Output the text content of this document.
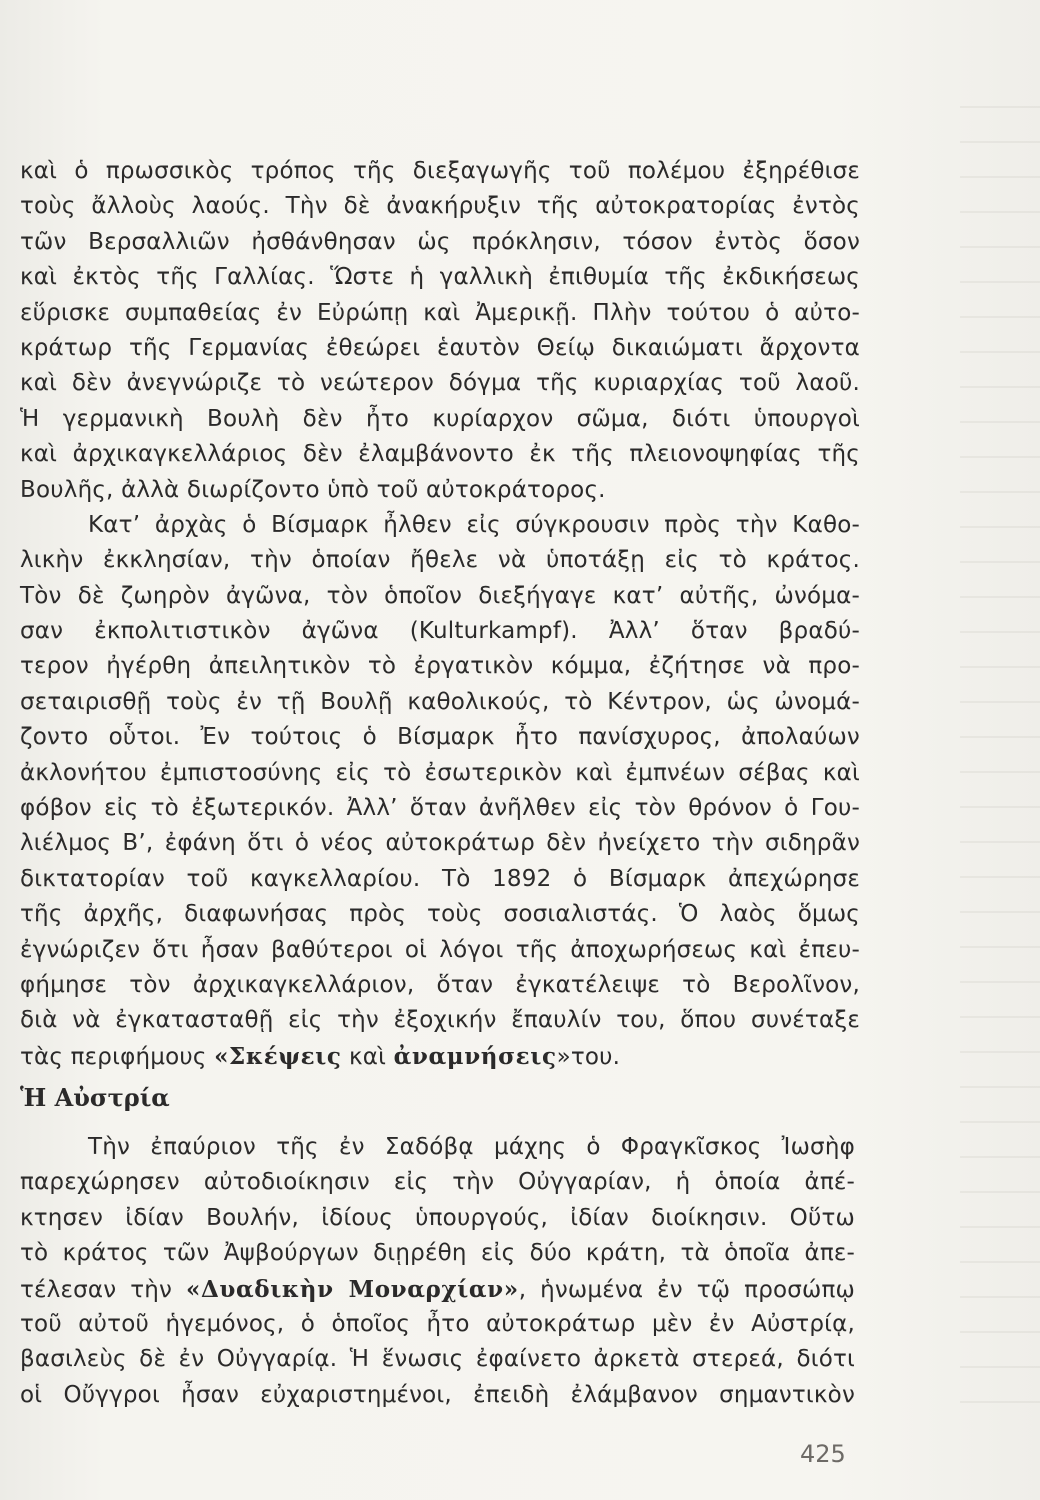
καὶ ὁ πρωσσικὸς τρόπος τῆς διεξαγωγῆς τοῦ πολέμου ἐξηρέθισε
τοὺς ἄλλοὺς λαούς. Τὴν δὲ ἀνακήρυξιν τῆς αὐτοκρατορίας ἐντὸς
τῶν Βερσαλλιῶν ἠσθάνθησαν ὡς πρόκλησιν, τόσον ἐντὸς ὅσον
καὶ ἐκτὸς τῆς Γαλλίας. Ὥστε ἡ γαλλικὴ ἐπιθυμία τῆς ἐκδικήσεως
εὕρισκε συμπαθείας ἐν Εὐρώπῃ καὶ Ἀμερικῇ. Πλὴν τούτου ὁ αὐτο-
κράτωρ τῆς Γερμανίας ἐθεώρει ἑαυτὸν Θείῳ δικαιώματι ἄρχοντα
καὶ δὲν ἀνεγνώριζε τὸ νεώτερον δόγμα τῆς κυριαρχίας τοῦ λαοῦ.
Ἡ γερμανικὴ Βουλὴ δὲν ἦτο κυρίαρχον σῶμα, διότι ὑπουργοὶ
καὶ ἀρχικαγκελλάριος δὲν ἐλαμβάνοντο ἐκ τῆς πλειονοψηφίας τῆς
Βουλῆς, ἀλλὰ διωρίζοντο ὑπὸ τοῦ αὐτοκράτορος.
Κατ’ ἀρχὰς ὁ Βίσμαρκ ἦλθεν εἰς σύγκρουσιν πρὸς τὴν Καθο-
λικὴν ἐκκλησίαν, τὴν ὁποίαν ἤθελε νὰ ὑποτάξῃ εἰς τὸ κράτος.
Τὸν δὲ ζωηρὸν ἀγῶνα, τὸν ὁποῖον διεξήγαγε κατ’ αὐτῆς, ὠνόμα-
σαν ἐκπολιτιστικὸν ἀγῶνα (Kulturkampf). Ἀλλ’ ὅταν βραδύ-
τερον ἠγέρθη ἀπειλητικὸν τὸ ἐργατικὸν κόμμα, ἐζήτησε νὰ προ-
σεταιρισθῇ τοὺς ἐν τῇ Βουλῇ καθολικούς, τὸ Κέντρον, ὡς ὠνομά-
ζοντο οὗτοι. Ἐν τούτοις ὁ Βίσμαρκ ἦτο πανίσχυρος, ἀπολαύων
ἀκλονήτου ἐμπιστοσύνης εἰς τὸ ἐσωτερικὸν καὶ ἐμπνέων σέβας καὶ
φόβον εἰς τὸ ἐξωτερικόν. Ἀλλ’ ὅταν ἀνῆλθεν εἰς τὸν θρόνον ὁ Γου-
λιέλμος Β’, ἐφάνη ὅτι ὁ νέος αὐτοκράτωρ δὲν ἠνείχετο τὴν σιδηρᾶν
δικτατορίαν τοῦ καγκελλαρίου. Τὸ 1892 ὁ Βίσμαρκ ἀπεχώρησε
τῆς ἀρχῆς, διαφωνήσας πρὸς τοὺς σοσιαλιστάς. Ὁ λαὸς ὅμως
ἐγνώριζεν ὅτι ἦσαν βαθύτεροι οἱ λόγοι τῆς ἀποχωρήσεως καὶ ἐπευ-
φήμησε τὸν ἀρχικαγκελλάριον, ὅταν ἐγκατέλειψε τὸ Βερολῖνον,
διὰ νὰ ἐγκατασταθῇ εἰς τὴν ἐξοχικήν ἔπαυλίν του, ὅπου συνέταξε
τὰς περιφήμους «Σκέψεις καὶ ἀναμνήσεις»του.
Ἡ Αὐστρία
Τὴν ἐπαύριον τῆς ἐν Σαδόβᾳ μάχης ὁ Φραγκῖσκος Ἰωσὴφ
παρεχώρησεν αὐτοδιοίκησιν εἰς τὴν Οὐγγαρίαν, ἡ ὁποία ἀπέ-
κτησεν ἰδίαν Βουλήν, ἰδίους ὑπουργούς, ἰδίαν διοίκησιν. Οὕτω
τὸ κράτος τῶν Ἀψβούργων διῃρέθη εἰς δύο κράτη, τὰ ὁποῖα ἀπε-
τέλεσαν τὴν «Δυαδικὴν Μοναρχίαν», ἡνωμένα ἐν τῷ προσώπῳ
τοῦ αὐτοῦ ἡγεμόνος, ὁ ὁποῖος ἦτο αὐτοκράτωρ μὲν ἐν Αὐστρίᾳ,
βασιλεὺς δὲ ἐν Οὐγγαρίᾳ. Ἡ ἕνωσις ἐφαίνετο ἀρκετὰ στερεά, διότι
οἱ Οὔγγροι ἦσαν εὐχαριστημένοι, ἐπειδὴ ἐλάμβανον σημαντικὸν
425
